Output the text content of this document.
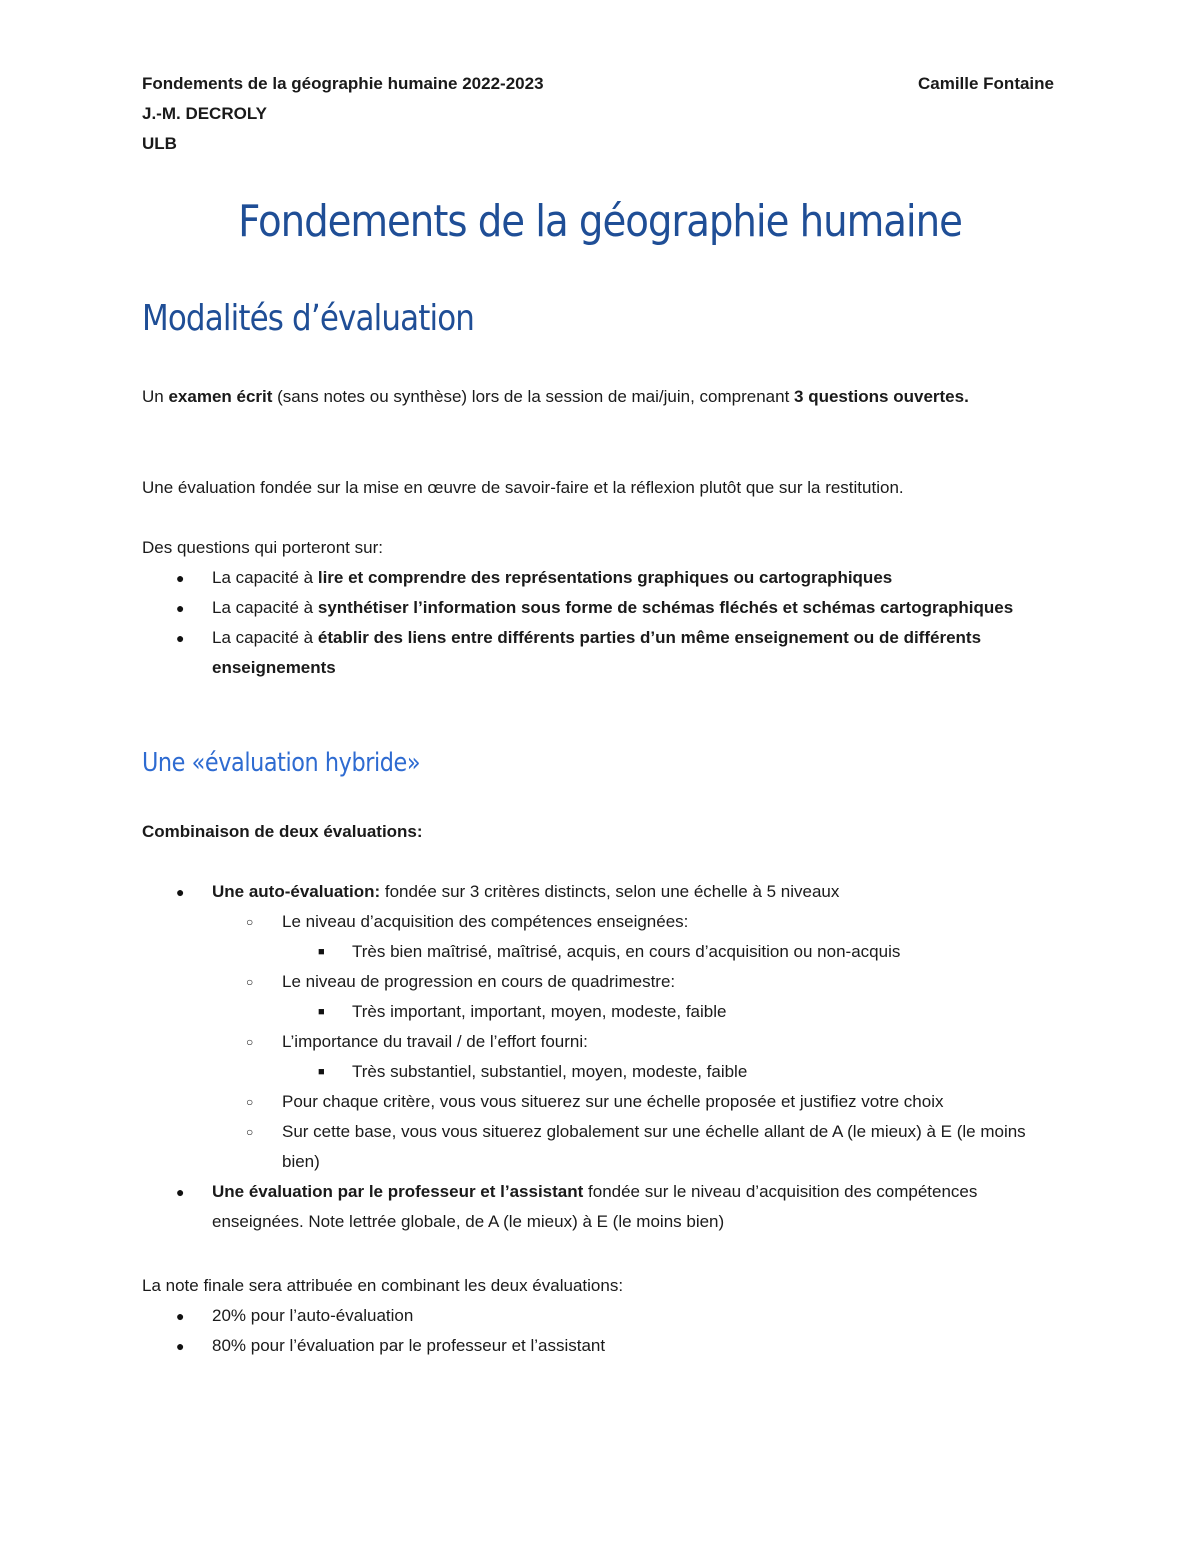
Fondements de la géographie humaine 2022-2023	Camille Fontaine
J.-M. DECROLY
ULB
Fondements de la géographie humaine
Modalités d’évaluation
Un examen écrit (sans notes ou synthèse) lors de la session de mai/juin, comprenant 3 questions ouvertes.
Une évaluation fondée sur la mise en œuvre de savoir-faire et la réflexion plutôt que sur la restitution.
Des questions qui porteront sur:
● La capacité à lire et comprendre des représentations graphiques ou cartographiques
● La capacité à synthétiser l’information sous forme de schémas fléchés et schémas cartographiques
● La capacité à établir des liens entre différents parties d’un même enseignement ou de différents enseignements
Une «évaluation hybride»
Combinaison de deux évaluations:
● Une auto-évaluation: fondée sur 3 critères distincts, selon une échelle à 5 niveaux
○ Le niveau d’acquisition des compétences enseignées:
■ Très bien maîtrisé, maîtrisé, acquis, en cours d’acquisition ou non-acquis
○ Le niveau de progression en cours de quadrimestre:
■ Très important, important, moyen, modeste, faible
○ L’importance du travail / de l’effort fourni:
■ Très substantiel, substantiel, moyen, modeste, faible
○ Pour chaque critère, vous vous situerez sur une échelle proposée et justifiez votre choix
○ Sur cette base, vous vous situerez globalement sur une échelle allant de A (le mieux) à E (le moins bien)
● Une évaluation par le professeur et l’assistant fondée sur le niveau d’acquisition des compétences enseignées. Note lettrée globale, de A (le mieux) à E (le moins bien)
La note finale sera attribuée en combinant les deux évaluations:
● 20% pour l’auto-évaluation
● 80% pour l’évaluation par le professeur et l’assistant
